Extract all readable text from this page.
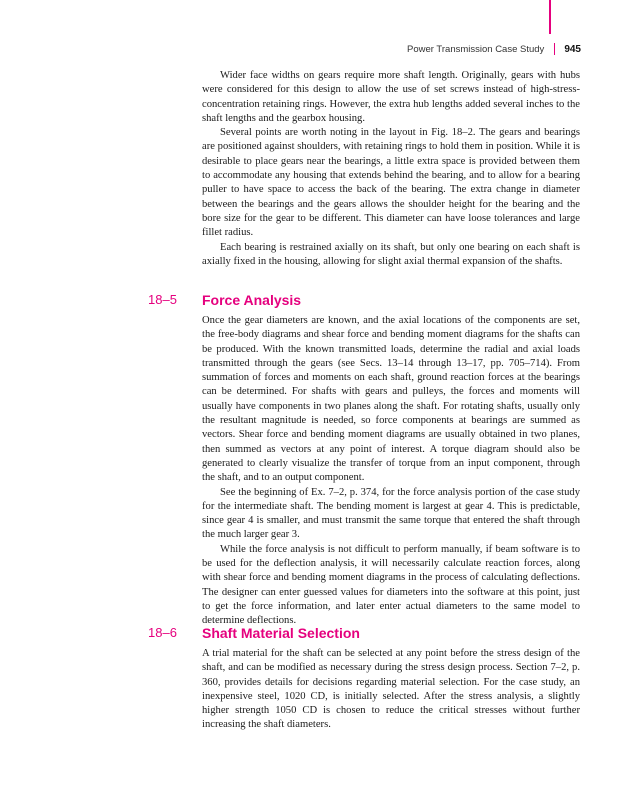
Power Transmission Case Study 945

Wider face widths on gears require more shaft length. Originally, gears with hubs were considered for this design to allow the use of set screws instead of high-stress-concentration retaining rings. However, the extra hub lengths added several inches to the shaft lengths and the gearbox housing.

Several points are worth noting in the layout in Fig. 18–2. The gears and bearings are positioned against shoulders, with retaining rings to hold them in position. While it is desirable to place gears near the bearings, a little extra space is provided between them to accommodate any housing that extends behind the bearing, and to allow for a bearing puller to have space to access the back of the bearing. The extra change in diameter between the bearings and the gears allows the shoulder height for the bearing and the bore size for the gear to be different. This diameter can have loose tolerances and large fillet radius.

Each bearing is restrained axially on its shaft, but only one bearing on each shaft is axially fixed in the housing, allowing for slight axial thermal expansion of the shafts.

18–5 Force Analysis

Once the gear diameters are known, and the axial locations of the components are set, the free-body diagrams and shear force and bending moment diagrams for the shafts can be produced. With the known transmitted loads, determine the radial and axial loads transmitted through the gears (see Secs. 13–14 through 13–17, pp. 705–714). From summation of forces and moments on each shaft, ground reaction forces at the bearings can be determined. For shafts with gears and pulleys, the forces and moments will usually have components in two planes along the shaft. For rotating shafts, usually only the resultant magnitude is needed, so force components at bearings are summed as vectors. Shear force and bending moment diagrams are usually obtained in two planes, then summed as vectors at any point of interest. A torque diagram should also be generated to clearly visualize the transfer of torque from an input component, through the shaft, and to an output component.

See the beginning of Ex. 7–2, p. 374, for the force analysis portion of the case study for the intermediate shaft. The bending moment is largest at gear 4. This is predictable, since gear 4 is smaller, and must transmit the same torque that entered the shaft through the much larger gear 3.

While the force analysis is not difficult to perform manually, if beam software is to be used for the deflection analysis, it will necessarily calculate reaction forces, along with shear force and bending moment diagrams in the process of calculating deflections. The designer can enter guessed values for diameters into the software at this point, just to get the force information, and later enter actual diameters to the same model to determine deflections.

18–6 Shaft Material Selection

A trial material for the shaft can be selected at any point before the stress design of the shaft, and can be modified as necessary during the stress design process. Section 7–2, p. 360, provides details for decisions regarding material selection. For the case study, an inexpensive steel, 1020 CD, is initially selected. After the stress analysis, a slightly higher strength 1050 CD is chosen to reduce the critical stresses without further increasing the shaft diameters.
